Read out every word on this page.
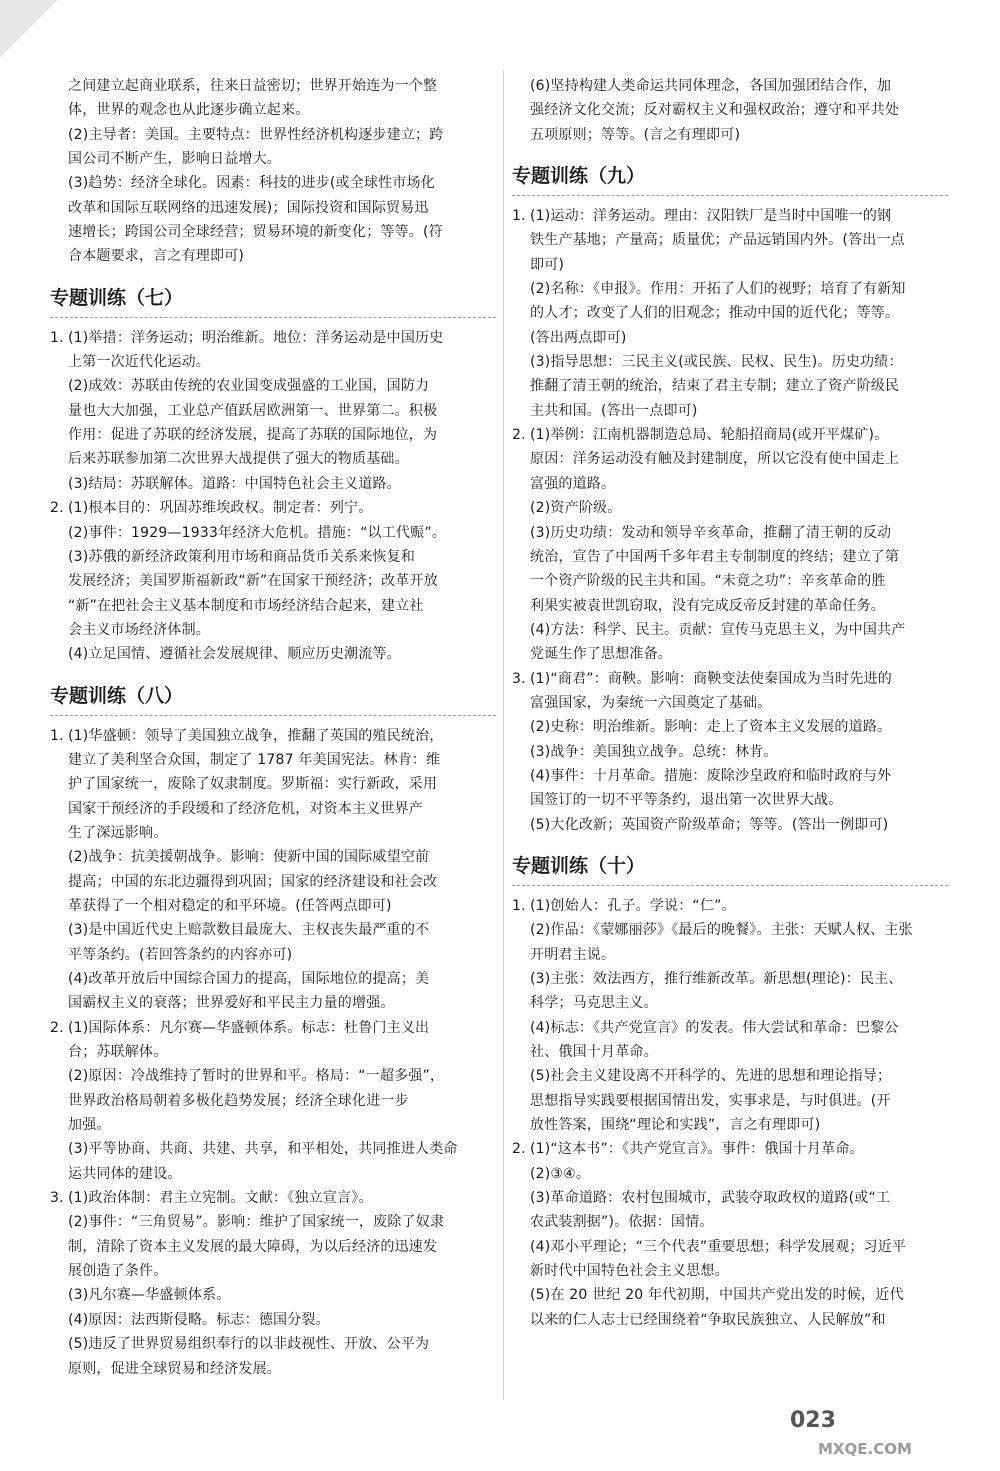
之间建立起商业联系，往来日益密切；世界开始连为一个整
体，世界的观念也从此逐步确立起来。
(2)主导者：美国。主要特点：世界性经济机构逐步建立；跨
国公司不断产生，影响日益增大。
(3)趋势：经济全球化。因素：科技的进步(或全球性市场化
改革和国际互联网络的迅速发展)；国际投资和国际贸易迅
速增长；跨国公司全球经营；贸易环境的新变化；等等。(符
合本题要求，言之有理即可)
专题训练（七）
1. (1)举措：洋务运动；明治维新。地位：洋务运动是中国历史
上第一次近代化运动。
(2)成效：苏联由传统的农业国变成强盛的工业国，国防力
量也大大加强，工业总产值跃居欧洲第一、世界第二。积极
作用：促进了苏联的经济发展，提高了苏联的国际地位，为
后来苏联参加第二次世界大战提供了强大的物质基础。
(3)结局：苏联解体。道路：中国特色社会主义道路。
2. (1)根本目的：巩固苏维埃政权。制定者：列宁。
(2)事件：1929—1933年经济大危机。措施：“以工代赈”。
(3)苏俄的新经济政策利用市场和商品货币关系来恢复和
发展经济；美国罗斯福新政“新”在国家干预经济；改革开放
“新”在把社会主义基本制度和市场经济结合起来，建立社
会主义市场经济体制。
(4)立足国情、遵循社会发展规律、顺应历史潮流等。
专题训练（八）
1. (1)华盛顿：领导了美国独立战争，推翻了英国的殖民统治，
建立了美利坚合众国，制定了 1787 年美国宪法。林肯：维
护了国家统一，废除了奴隶制度。罗斯福：实行新政，采用
国家干预经济的手段缓和了经济危机，对资本主义世界产
生了深远影响。
(2)战争：抗美援朝战争。影响：使新中国的国际威望空前
提高；中国的东北边疆得到巩固；国家的经济建设和社会改
革获得了一个相对稳定的和平环境。(任答两点即可)
(3)是中国近代史上赔款数目最庞大、主权丧失最严重的不
平等条约。(若回答条约的内容亦可)
(4)改革开放后中国综合国力的提高，国际地位的提高；美
国霸权主义的衰落；世界爱好和平民主力量的增强。
2. (1)国际体系：凡尔赛—华盛顿体系。标志：杜鲁门主义出
台；苏联解体。
(2)原因：冷战维持了暂时的世界和平。格局：“一超多强”，
世界政治格局朝着多极化趋势发展；经济全球化进一步
加强。
(3)平等协商、共商、共建、共享，和平相处，共同推进人类命
运共同体的建设。
3. (1)政治体制：君主立宪制。文献：《独立宣言》。
(2)事件：“三角贸易”。影响：维护了国家统一，废除了奴隶
制，清除了资本主义发展的最大障碍，为以后经济的迅速发
展创造了条件。
(3)凡尔赛—华盛顿体系。
(4)原因：法西斯侵略。标志：德国分裂。
(5)违反了世界贸易组织奉行的以非歧视性、开放、公平为
原则，促进全球贸易和经济发展。
(6)坚持构建人类命运共同体理念，各国加强团结合作，加
强经济文化交流；反对霸权主义和强权政治；遵守和平共处
五项原则；等等。(言之有理即可)
专题训练（九）
1. (1)运动：洋务运动。理由：汉阳铁厂是当时中国唯一的钢
铁生产基地；产量高；质量优；产品远销国内外。(答出一点
即可)
(2)名称：《申报》。作用：开拓了人们的视野；培育了有新知
的人才；改变了人们的旧观念；推动中国的近代化；等等。
(答出两点即可)
(3)指导思想：三民主义(或民族、民权、民生)。历史功绩：
推翻了清王朝的统治，结束了君主专制；建立了资产阶级民
主共和国。(答出一点即可)
2. (1)举例：江南机器制造总局、轮船招商局(或开平煤矿)。
原因：洋务运动没有触及封建制度，所以它没有使中国走上
富强的道路。
(2)资产阶级。
(3)历史功绩：发动和领导辛亥革命，推翻了清王朝的反动
统治，宣告了中国两千多年君主专制制度的终结；建立了第
一个资产阶级的民主共和国。“未竟之功”：辛亥革命的胜
利果实被袁世凯窃取，没有完成反帝反封建的革命任务。
(4)方法：科学、民主。贡献：宣传马克思主义，为中国共产
党诞生作了思想准备。
3. (1)“商君”：商鞅。影响：商鞅变法使秦国成为当时先进的
富强国家，为秦统一六国奠定了基础。
(2)史称：明治维新。影响：走上了资本主义发展的道路。
(3)战争：美国独立战争。总统：林肯。
(4)事件：十月革命。措施：废除沙皇政府和临时政府与外
国签订的一切不平等条约，退出第一次世界大战。
(5)大化改新；英国资产阶级革命；等等。(答出一例即可)
专题训练（十）
1. (1)创始人：孔子。学说：“仁”。
(2)作品：《蒙娜丽莎》《最后的晚餐》。主张：天赋人权、主张
开明君主说。
(3)主张：效法西方，推行维新改革。新思想(理论)：民主、
科学；马克思主义。
(4)标志：《共产党宣言》的发表。伟大尝试和革命：巴黎公
社、俄国十月革命。
(5)社会主义建设离不开科学的、先进的思想和理论指导；
思想指导实践要根据国情出发，实事求是，与时俱进。(开
放性答案，围绕“理论和实践”，言之有理即可)
2. (1)“这本书”：《共产党宣言》。事件：俄国十月革命。
(2)③④。
(3)革命道路：农村包围城市，武装夺取政权的道路(或“工
农武装割据”)。依据：国情。
(4)邓小平理论；“三个代表”重要思想；科学发展观；习近平
新时代中国特色社会主义思想。
(5)在 20 世纪 20 年代初期，中国共产党出发的时候，近代
以来的仁人志士已经围绕着“争取民族独立、人民解放”和
023
MXQE.COM
